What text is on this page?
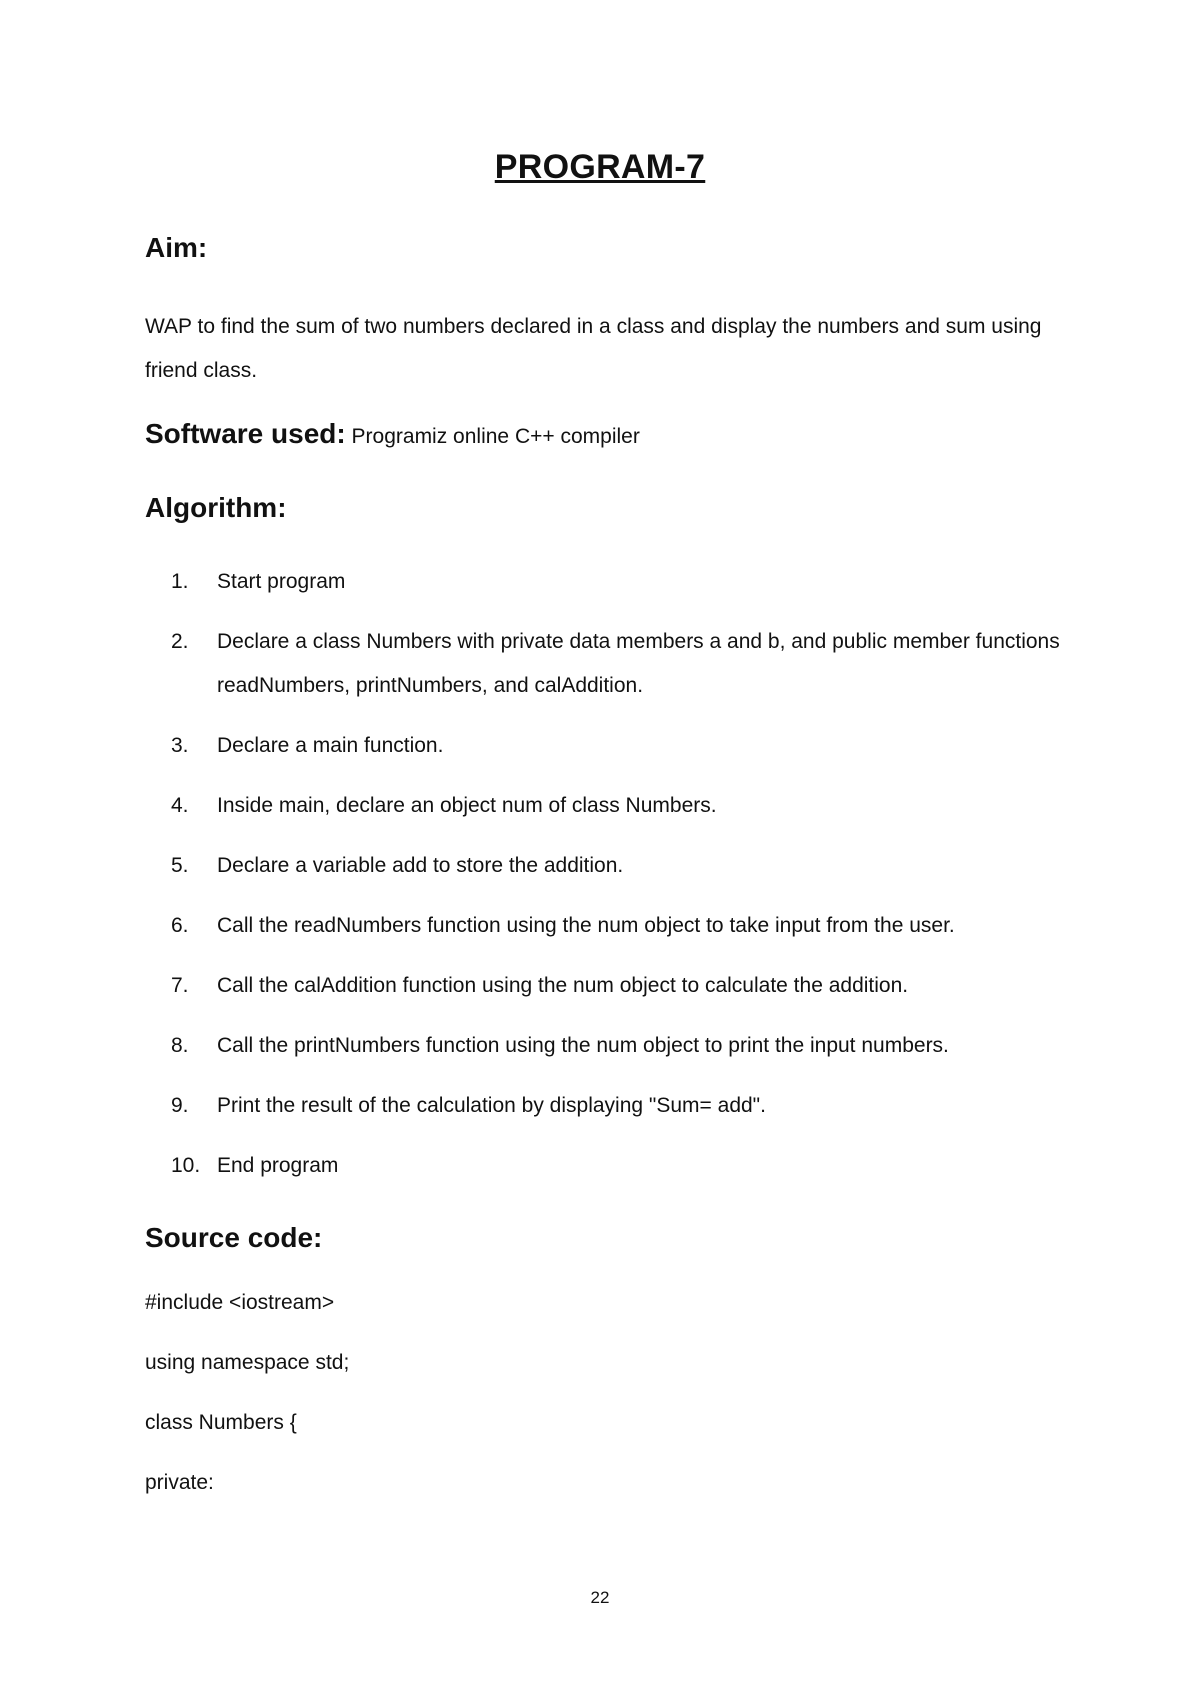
PROGRAM-7
Aim:

WAP to find the sum of two numbers declared in a class and display the numbers and sum using friend class.

Software used: Programiz online C++ compiler

Algorithm:
1. Start program
2. Declare a class Numbers with private data members a and b, and public member functions readNumbers, printNumbers, and calAddition.
3. Declare a main function.
4. Inside main, declare an object num of class Numbers.
5. Declare a variable add to store the addition.
6. Call the readNumbers function using the num object to take input from the user.
7. Call the calAddition function using the num object to calculate the addition.
8. Call the printNumbers function using the num object to print the input numbers.
9. Print the result of the calculation by displaying "Sum= add".
10. End program
Source code:
#include <iostream>
using namespace std;
class Numbers {
private:
22
